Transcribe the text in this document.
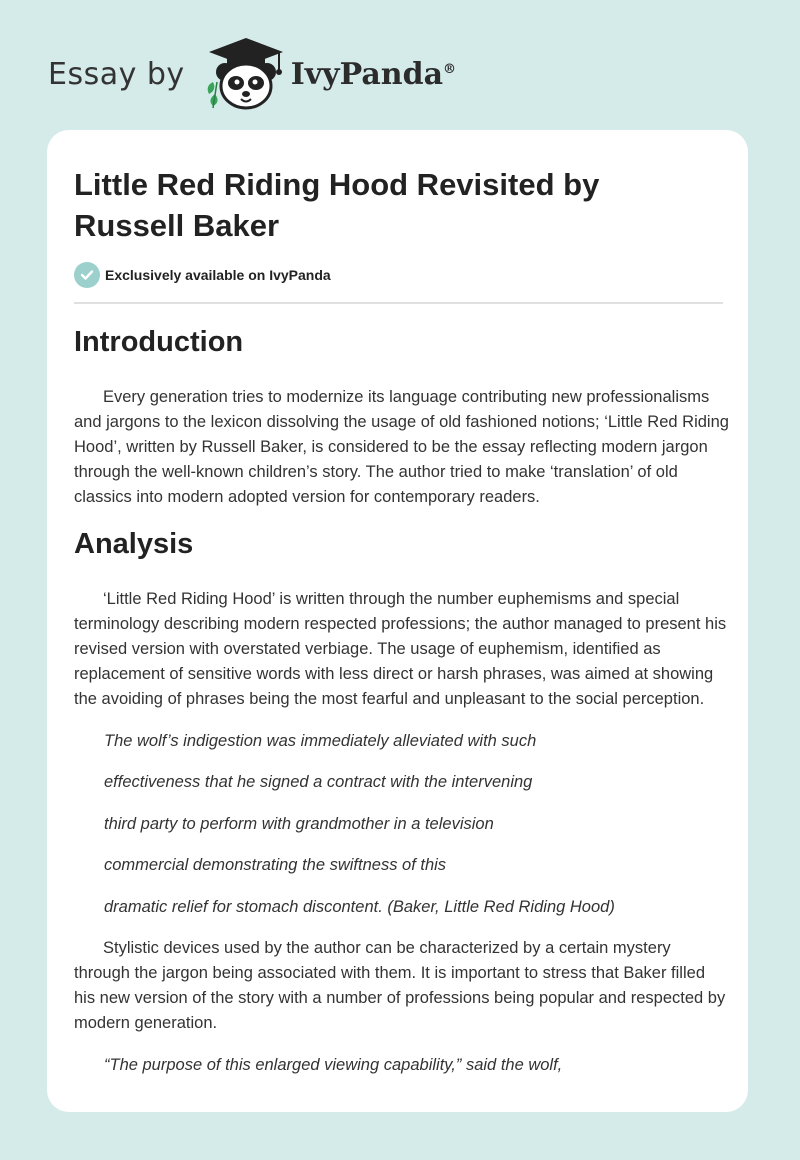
Essay by	IvyPanda®
Little Red Riding Hood Revisited by Russell Baker
Exclusively available on IvyPanda
Introduction

Every generation tries to modernize its language contributing new professionalisms and jargons to the lexicon dissolving the usage of old fashioned notions; ‘Little Red Riding Hood’, written by Russell Baker, is considered to be the essay reflecting modern jargon through the well-known children’s story. The author tried to make ‘translation’ of old classics into modern adopted version for contemporary readers.

Analysis

‘Little Red Riding Hood’ is written through the number euphemisms and special terminology describing modern respected professions; the author managed to present his revised version with overstated verbiage. The usage of euphemism, identified as replacement of sensitive words with less direct or harsh phrases, was aimed at showing the avoiding of phrases being the most fearful and unpleasant to the social perception.

The wolf’s indigestion was immediately alleviated with such

effectiveness that he signed a contract with the intervening

third party to perform with grandmother in a television

commercial demonstrating the swiftness of this

dramatic relief for stomach discontent. (Baker, Little Red Riding Hood)

Stylistic devices used by the author can be characterized by a certain mystery through the jargon being associated with them. It is important to stress that Baker filled his new version of the story with a number of professions being popular and respected by modern generation.

“The purpose of this enlarged viewing capability,” said the wolf,
